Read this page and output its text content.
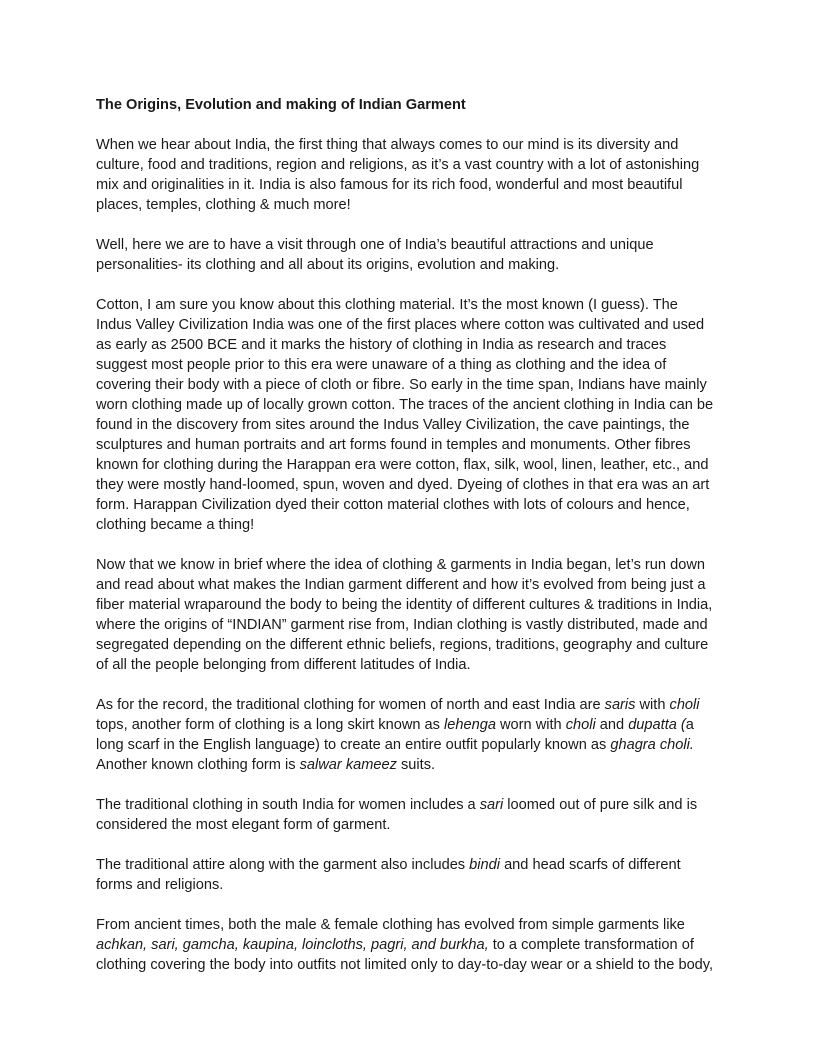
The Origins, Evolution and making of Indian Garment
When we hear about India, the first thing that always comes to our mind is its diversity and
culture, food and traditions, region and religions, as it’s a vast country with a lot of astonishing
mix and originalities in it. India is also famous for its rich food, wonderful and most beautiful
places, temples, clothing & much more!
Well, here we are to have a visit through one of India’s beautiful attractions and unique
personalities- its clothing and all about its origins, evolution and making.
Cotton, I am sure you know about this clothing material. It’s the most known (I guess). The
Indus Valley Civilization India was one of the first places where cotton was cultivated and used
as early as 2500 BCE and it marks the history of clothing in India as research and traces
suggest most people prior to this era were unaware of a thing as clothing and the idea of
covering their body with a piece of cloth or fibre. So early in the time span, Indians have mainly
worn clothing made up of locally grown cotton. The traces of the ancient clothing in India can be
found in the discovery from sites around the Indus Valley Civilization, the cave paintings, the
sculptures and human portraits and art forms found in temples and monuments. Other fibres
known for clothing during the Harappan era were cotton, flax, silk, wool, linen, leather, etc., and
they were mostly hand-loomed, spun, woven and dyed. Dyeing of clothes in that era was an art
form. Harappan Civilization dyed their cotton material clothes with lots of colours and hence,
clothing became a thing!
Now that we know in brief where the idea of clothing & garments in India began, let’s run down
and read about what makes the Indian garment different and how it’s evolved from being just a
fiber material wraparound the body to being the identity of different cultures & traditions in India,
where the origins of “INDIAN” garment rise from, Indian clothing is vastly distributed, made and
segregated depending on the different ethnic beliefs, regions, traditions, geography and culture
of all the people belonging from different latitudes of India.
As for the record, the traditional clothing for women of north and east India are saris with choli
tops, another form of clothing is a long skirt known as lehenga worn with choli and dupatta (a
long scarf in the English language) to create an entire outfit popularly known as ghagra choli.
Another known clothing form is salwar kameez suits.
The traditional clothing in south India for women includes a sari loomed out of pure silk and is
considered the most elegant form of garment.
The traditional attire along with the garment also includes bindi and head scarfs of different
forms and religions.
From ancient times, both the male & female clothing has evolved from simple garments like
achkan, sari, gamcha, kaupina, loincloths, pagri, and burkha, to a complete transformation of
clothing covering the body into outfits not limited only to day-to-day wear or a shield to the body,
